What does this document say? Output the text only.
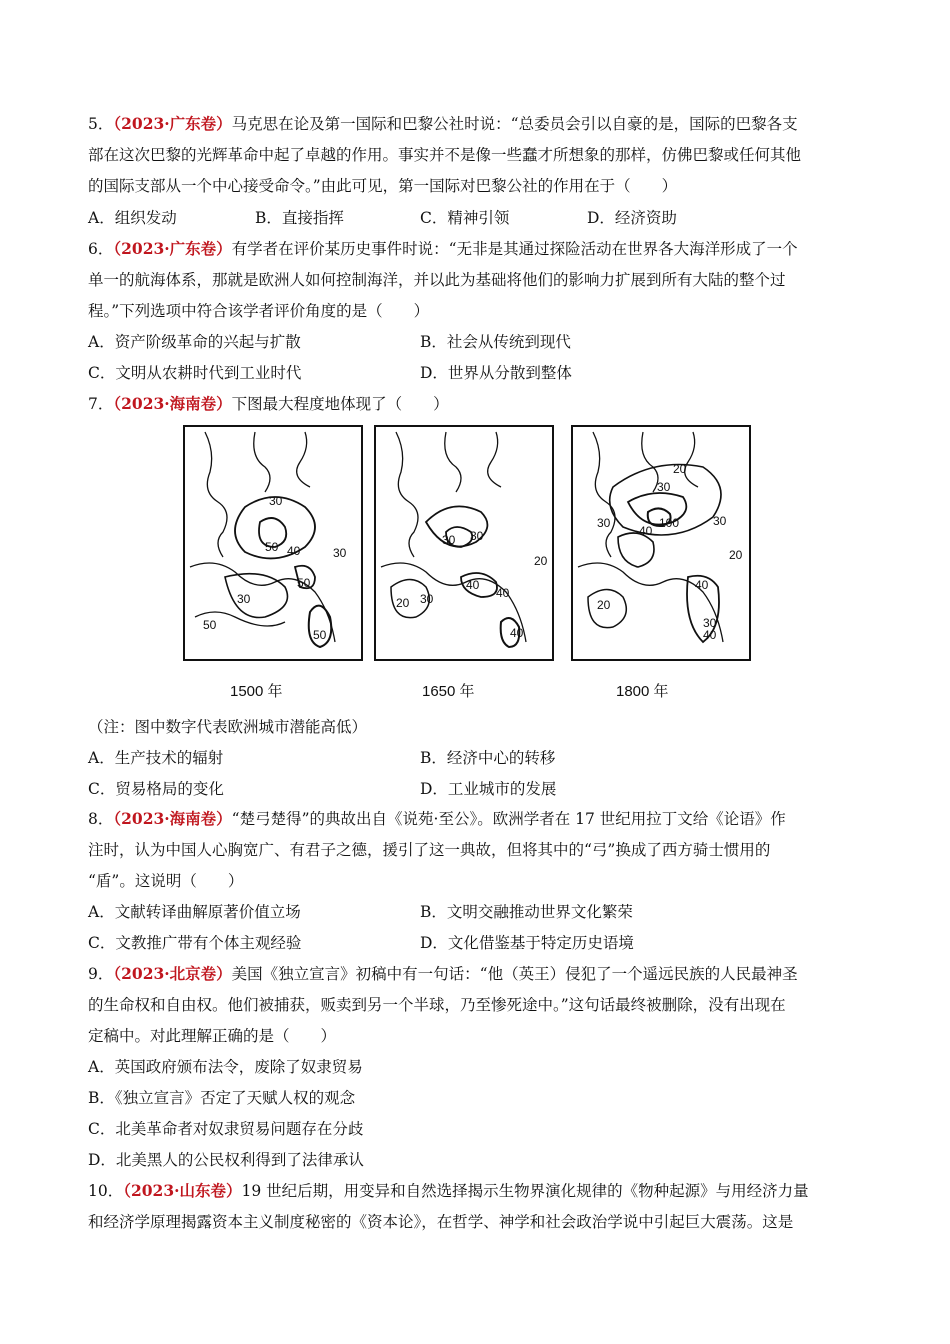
5．（2023·广东卷）马克思在论及第一国际和巴黎公社时说：“总委员会引以自豪的是，国际的巴黎各支
部在这次巴黎的光辉革命中起了卓越的作用。事实并不是像一些蠢才所想象的那样，仿佛巴黎或任何其他
的国际支部从一个中心接受命令。”由此可见，第一国际对巴黎公社的作用在于（　　）
A．组织发动	B．直接指挥	C．精神引领	D．经济资助
6．（2023·广东卷）有学者在评价某历史事件时说：“无非是其通过探险活动在世界各大海洋形成了一个
单一的航海体系，那就是欧洲人如何控制海洋，并以此为基础将他们的影响力扩展到所有大陆的整个过
程。”下列选项中符合该学者评价角度的是（　　）
A．资产阶级革命的兴起与扩散	B．社会从传统到现代
C．文明从农耕时代到工业时代	D．世界从分散到整体
7．（2023·海南卷）下图最大程度地体现了（　　）
30
50 40	30
50
30
50
50
30 30
20
20 30
40
40
40
20
30
30
40
100	30
20
40
20
30
40
1500 年	1650 年	1800 年
（注：图中数字代表欧洲城市潜能高低）
A．生产技术的辐射	B．经济中心的转移
C．贸易格局的变化	D．工业城市的发展
8．（2023·海南卷）“楚弓楚得”的典故出自《说苑·至公》。欧洲学者在 17 世纪用拉丁文给《论语》作
注时，认为中国人心胸宽广、有君子之德，援引了这一典故，但将其中的“弓”换成了西方骑士惯用的
“盾”。这说明（　　）
A．文献转译曲解原著价值立场	B．文明交融推动世界文化繁荣
C．文教推广带有个体主观经验	D．文化借鉴基于特定历史语境
9．（2023·北京卷）美国《独立宣言》初稿中有一句话：“他（英王）侵犯了一个遥远民族的人民最神圣
的生命权和自由权。他们被捕获，贩卖到另一个半球，乃至惨死途中。”这句话最终被删除，没有出现在
定稿中。对此理解正确的是（　　）
A．英国政府颁布法令，废除了奴隶贸易
B．《独立宣言》否定了天赋人权的观念
C．北美革命者对奴隶贸易问题存在分歧
D．北美黑人的公民权利得到了法律承认
10．（2023·山东卷）19 世纪后期，用变异和自然选择揭示生物界演化规律的《物种起源》与用经济力量
和经济学原理揭露资本主义制度秘密的《资本论》，在哲学、神学和社会政治学说中引起巨大震荡。这是
